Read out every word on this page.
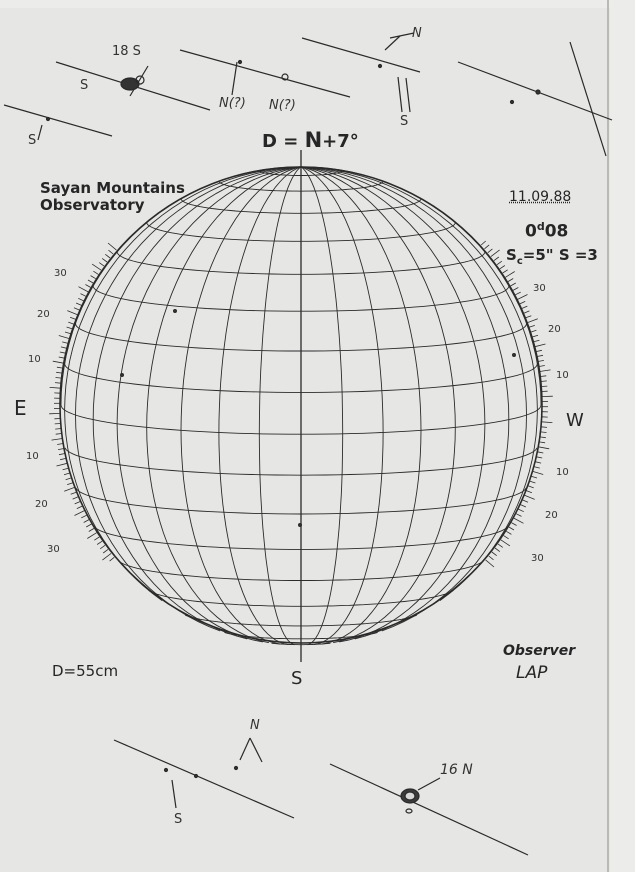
Sayan Mountains
Observatory	11.09.88
0$^d$08
$S_c=5$" S =3
D = N+7°
S
E
W
D=55cm
Observer
LAP
30
20
10
10
20
30
30
20
10
10
20
30
18 S
S
S
N(?) N(?)
N
S
N
S
16 N
